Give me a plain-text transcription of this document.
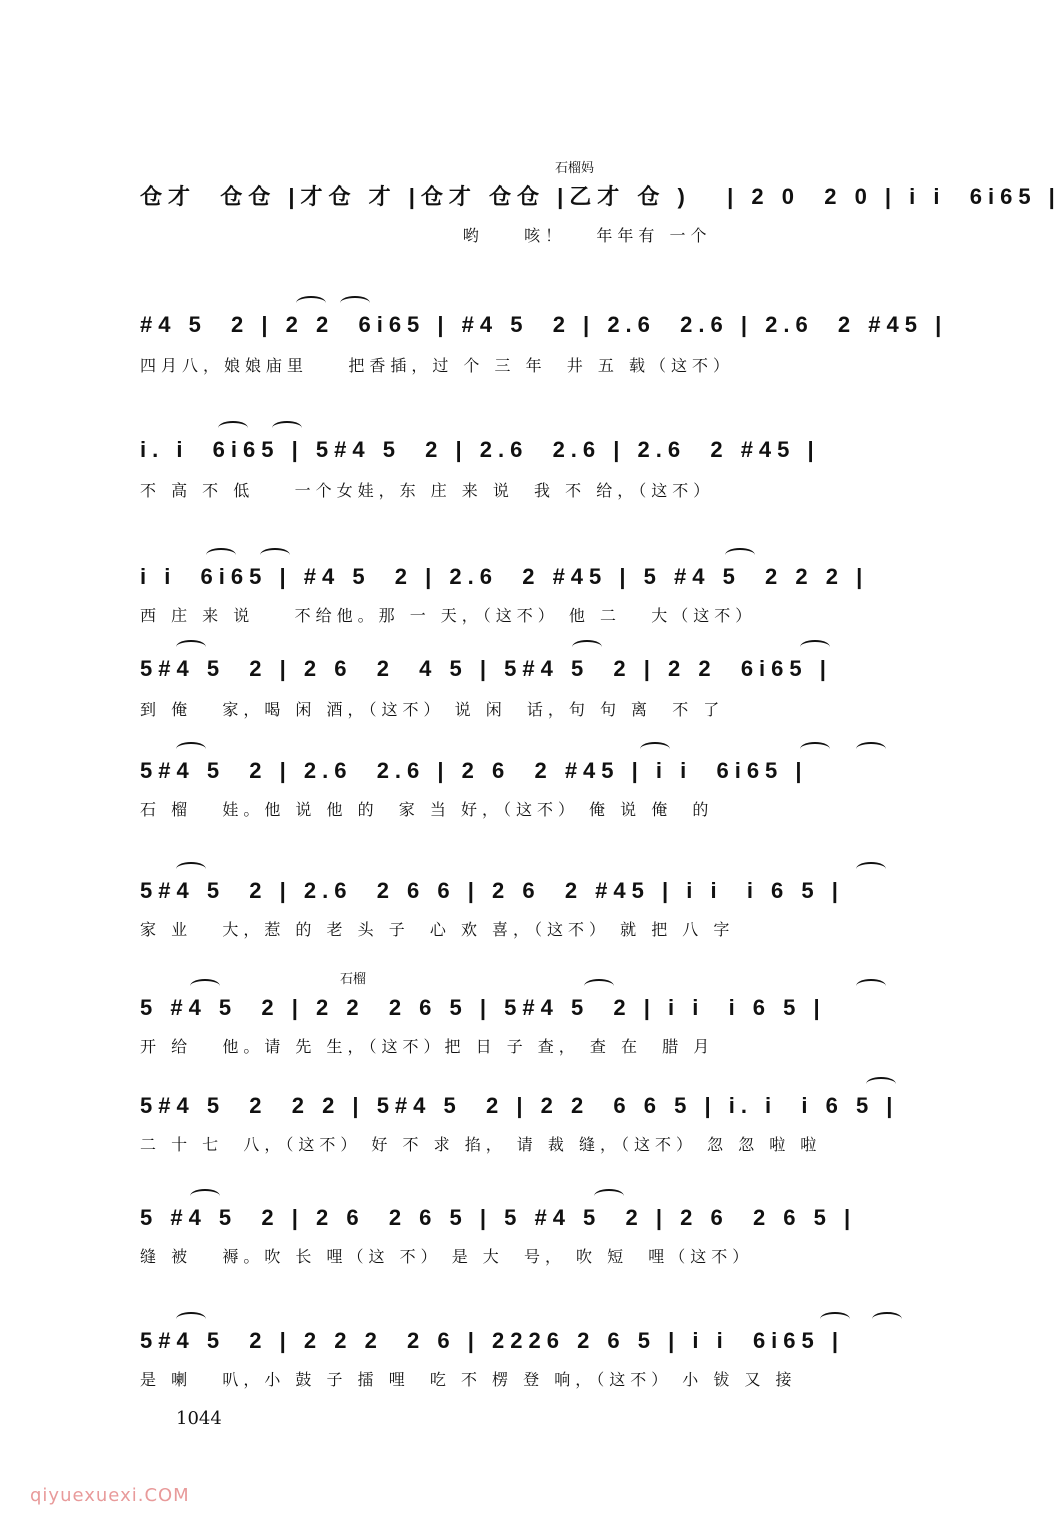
石榴妈
石榴
仓才  仓仓 |才仓 才 |仓才 仓仓 |乙才 仓 )   | 2 0  2 0 | i i  6i65 |
哟    咳！   年年有 一个
#4 5  2 | 2 2  6i65 | #4 5  2 | 2.6  2.6 | 2.6  2 #45 |
四月八，娘娘庙里    把香插，过 个 三 年  井 五 载（这不）
i. i  6i65 | 5#4 5  2 | 2.6  2.6 | 2.6  2 #45 |
不 高 不 低    一个女娃，东 庄 来 说  我 不 给，（这不）
i i  6i65 | #4 5  2 | 2.6  2 #45 | 5 #4 5  2 2 2 |
西 庄 来 说    不给他。那 一 天，（这不） 他 二   大（这不）
5#4 5  2 | 2 6  2  4 5 | 5#4 5  2 | 2 2  6i65 |
到 俺   家，喝 闲 酒，（这不） 说 闲  话，句 句 离  不 了
5#4 5  2 | 2.6  2.6 | 2 6  2 #45 | i i  6i65 |
石 榴   娃。他 说 他 的  家 当 好，（这不） 俺 说 俺  的
5#4 5  2 | 2.6  2 6 6 | 2 6  2 #45 | i i  i 6 5 |
家 业   大，惹 的 老 头 子  心 欢 喜，（这不） 就 把 八 字
5 #4 5  2 | 2 2  2 6 5 | 5#4 5  2 | i i  i 6 5 |
开 给   他。请 先 生，（这不）把 日 子 查， 查 在  腊 月
5#4 5  2  2 2 | 5#4 5  2 | 2 2  6 6 5 | i. i  i 6 5 |
二 十 七  八，（这不） 好 不 求 掐， 请 裁 缝，（这不） 忽 忽 啦 啦
5 #4 5  2 | 2 6  2 6 5 | 5 #4 5  2 | 2 6  2 6 5 |
缝 被   褥。吹 长 哩（这 不） 是 大  号， 吹 短  哩（这不）
5#4 5  2 | 2 2 2  2 6 | 2226 2 6 5 | i i  6i65 |
是 喇   叭，小 鼓 子 擂 哩  吃 不 楞 登 响，（这不） 小 钹 又 接
1044
qiyuexuexi.COM
